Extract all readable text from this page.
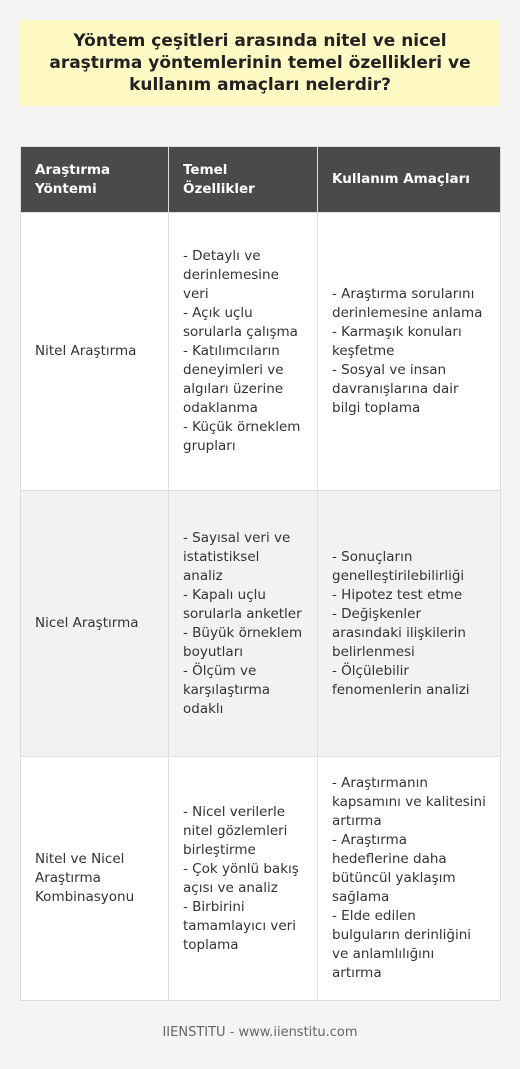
Yöntem çeşitleri arasında nitel ve nicel araştırma yöntemlerinin temel özellikleri ve kullanım amaçları nelerdir?
Araştırma Yöntemi	Temel Özellikler	Kullanım Amaçları
Nitel Araştırma	- Detaylı ve derinlemesine veri
- Açık uçlu sorularla çalışma
- Katılımcıların deneyimleri ve algıları üzerine odaklanma
- Küçük örneklem grupları	- Araştırma sorularını derinlemesine anlama
- Karmaşık konuları keşfetme
- Sosyal ve insan davranışlarına dair bilgi toplama
Nicel Araştırma	- Sayısal veri ve istatistiksel analiz
- Kapalı uçlu sorularla anketler
- Büyük örneklem boyutları
- Ölçüm ve karşılaştırma odaklı	- Sonuçların genelleştirilebilirliği
- Hipotez test etme
- Değişkenler arasındaki ilişkilerin belirlenmesi
- Ölçülebilir fenomenlerin analizi
Nitel ve Nicel Araştırma Kombinasyonu	- Nicel verilerle nitel gözlemleri birleştirme
- Çok yönlü bakış açısı ve analiz
- Birbirini tamamlayıcı veri toplama	- Araştırmanın kapsamını ve kalitesini artırma
- Araştırma hedeflerine daha bütüncül yaklaşım sağlama
- Elde edilen bulguların derinliğini ve anlamlılığını artırma
IIENSTITU - www.iienstitu.com
